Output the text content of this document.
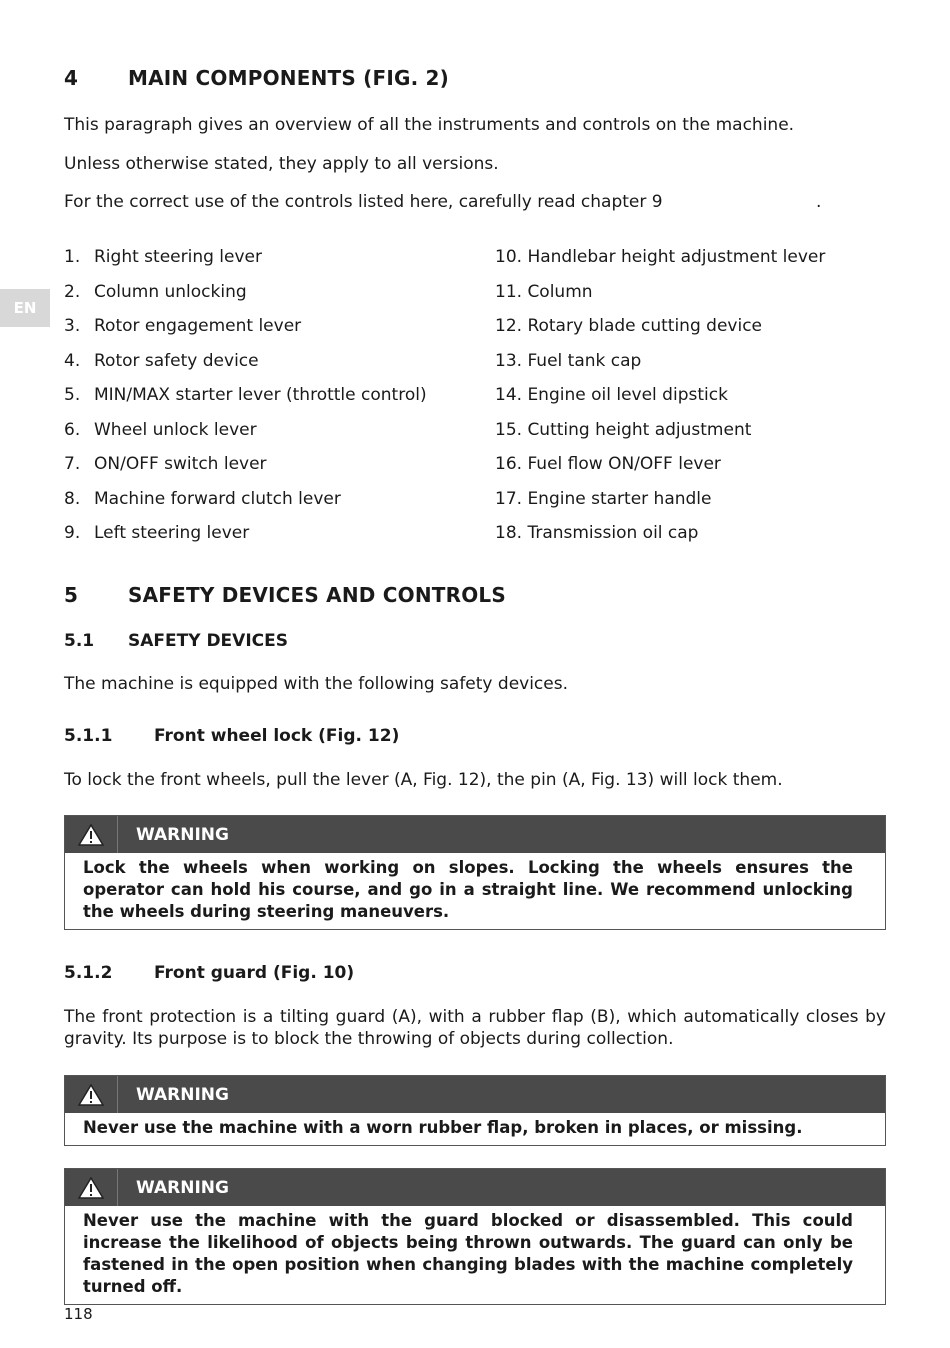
EN
4 MAIN COMPONENTS (FIG. 2)
This paragraph gives an overview of all the instruments and controls on the machine.
Unless otherwise stated, they apply to all versions.
For the correct use of the controls listed here, carefully read chapter 9	.
1. Right steering lever
2. Column unlocking
3. Rotor engagement lever
4. Rotor safety device
5. MIN/MAX starter lever (throttle control)
6. Wheel unlock lever
7. ON/OFF switch lever
8. Machine forward clutch lever
9. Left steering lever
10. Handlebar height adjustment lever
11. Column
12. Rotary blade cutting device
13. Fuel tank cap
14. Engine oil level dipstick
15. Cutting height adjustment
16. Fuel flow ON/OFF lever
17. Engine starter handle
18. Transmission oil cap
5 SAFETY DEVICES AND CONTROLS
5.1 SAFETY DEVICES
The machine is equipped with the following safety devices.
5.1.1 Front wheel lock (Fig. 12)
To lock the front wheels, pull the lever (A, Fig. 12), the pin (A, Fig. 13) will lock them.
WARNING
Lock the wheels when working on slopes. Locking the wheels ensures the operator can hold his course, and go in a straight line. We recommend unlocking the wheels during steering maneuvers.
5.1.2 Front guard (Fig. 10)
The front protection is a tilting guard (A), with a rubber flap (B), which automatically closes by gravity. Its purpose is to block the throwing of objects during collection.
WARNING
Never use the machine with a worn rubber flap, broken in places, or missing.
WARNING
Never use the machine with the guard blocked or disassembled. This could increase the likelihood of objects being thrown outwards. The guard can only be fastened in the open position when changing blades with the machine completely turned off.
118
